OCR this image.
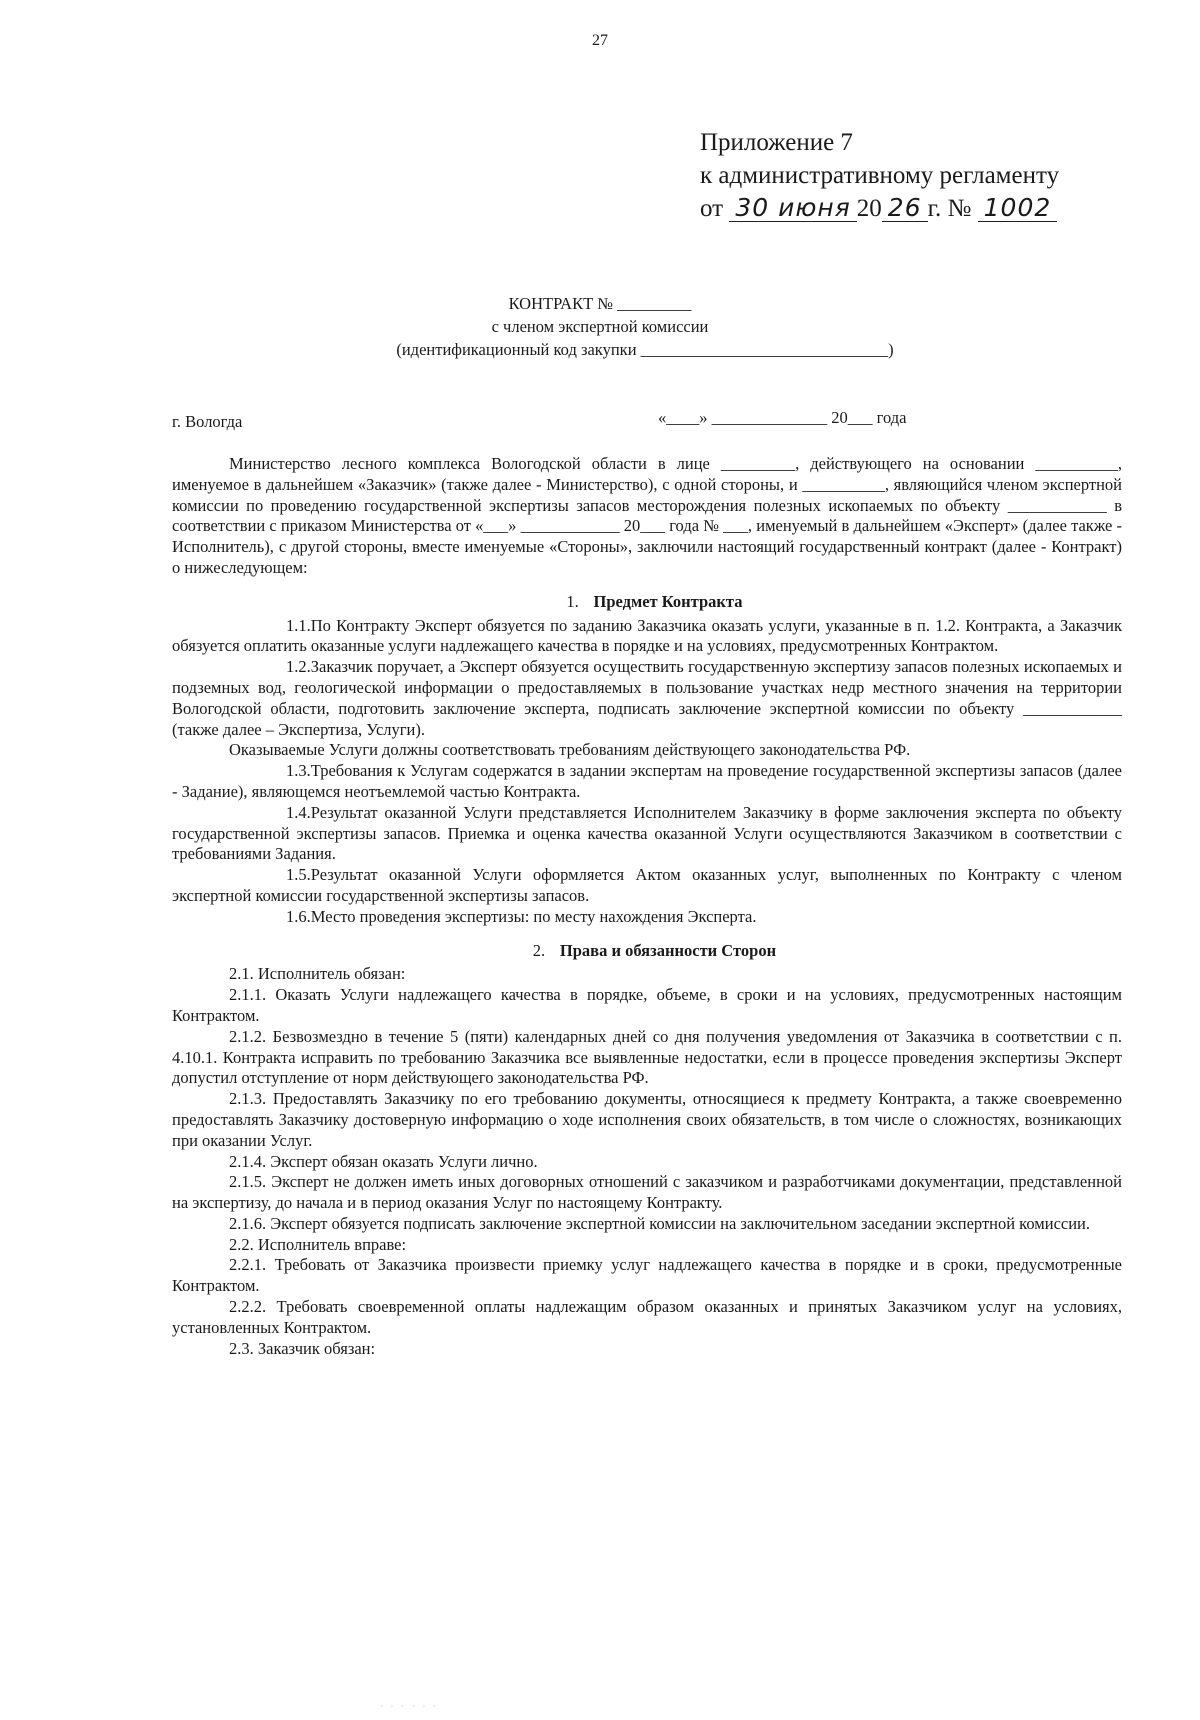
27
Приложение 7
к административному регламенту
от 30 июня 20 26 г. № 1002
КОНТРАКТ № _________
с членом экспертной комиссии
(идентификационный код закупки ______________________________)
г. Вологда	«____» ______________ 20___ года

Министерство лесного комплекса Вологодской области в лице _________, действующего на основании __________, именуемое в дальнейшем «Заказчик» (также далее - Министерство), с одной стороны, и __________, являющийся членом экспертной комиссии по проведению государственной экспертизы запасов месторождения полезных ископаемых по объекту ____________ в соответствии с приказом Министерства от «___» ____________ 20___ года № ___, именуемый в дальнейшем «Эксперт» (далее также - Исполнитель), с другой стороны, вместе именуемые «Стороны», заключили настоящий государственный контракт (далее - Контракт) о нижеследующем:

1. Предмет Контракта

1.1.По Контракту Эксперт обязуется по заданию Заказчика оказать услуги, указанные в п. 1.2. Контракта, а Заказчик обязуется оплатить оказанные услуги надлежащего качества в порядке и на условиях, предусмотренных Контрактом.

1.2.Заказчик поручает, а Эксперт обязуется осуществить государственную экспертизу запасов полезных ископаемых и подземных вод, геологической информации о предоставляемых в пользование участках недр местного значения на территории Вологодской области, подготовить заключение эксперта, подписать заключение экспертной комиссии по объекту ____________ (также далее – Экспертиза, Услуги).

Оказываемые Услуги должны соответствовать требованиям действующего законодательства РФ.

1.3.Требования к Услугам содержатся в задании экспертам на проведение государственной экспертизы запасов (далее - Задание), являющемся неотъемлемой частью Контракта.

1.4.Результат оказанной Услуги представляется Исполнителем Заказчику в форме заключения эксперта по объекту государственной экспертизы запасов. Приемка и оценка качества оказанной Услуги осуществляются Заказчиком в соответствии с требованиями Задания.

1.5.Результат оказанной Услуги оформляется Актом оказанных услуг, выполненных по Контракту с членом экспертной комиссии государственной экспертизы запасов.

1.6.Место проведения экспертизы: по месту нахождения Эксперта.

2. Права и обязанности Сторон

2.1. Исполнитель обязан:

2.1.1. Оказать Услуги надлежащего качества в порядке, объеме, в сроки и на условиях, предусмотренных настоящим Контрактом.

2.1.2. Безвозмездно в течение 5 (пяти) календарных дней со дня получения уведомления от Заказчика в соответствии с п. 4.10.1. Контракта исправить по требованию Заказчика все выявленные недостатки, если в процессе проведения экспертизы Эксперт допустил отступление от норм действующего законодательства РФ.

2.1.3. Предоставлять Заказчику по его требованию документы, относящиеся к предмету Контракта, а также своевременно предоставлять Заказчику достоверную информацию о ходе исполнения своих обязательств, в том числе о сложностях, возникающих при оказании Услуг.

2.1.4. Эксперт обязан оказать Услуги лично.

2.1.5. Эксперт не должен иметь иных договорных отношений с заказчиком и разработчиками документации, представленной на экспертизу, до начала и в период оказания Услуг по настоящему Контракту.

2.1.6. Эксперт обязуется подписать заключение экспертной комиссии на заключительном заседании экспертной комиссии.

2.2. Исполнитель вправе:

2.2.1. Требовать от Заказчика произвести приемку услуг надлежащего качества в порядке и в сроки, предусмотренные Контрактом.

2.2.2. Требовать своевременной оплаты надлежащим образом оказанных и принятых Заказчиком услуг на условиях, установленных Контрактом.

2.3. Заказчик обязан:

· · · · · ·
